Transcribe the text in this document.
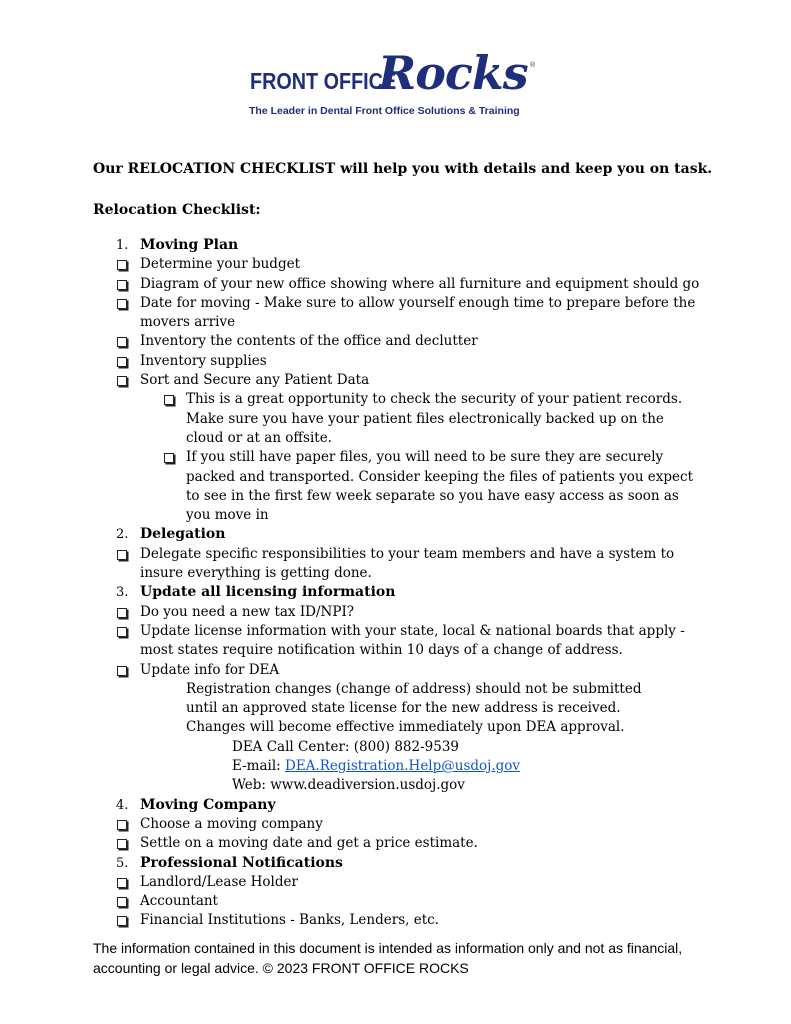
FRONT OFFICE
Rocks ®
The Leader in Dental Front Office Solutions & Training
Our RELOCATION CHECKLIST will help you with details and keep you on task.
Relocation Checklist:
1. Moving Plan
Determine your budget
Diagram of your new office showing where all furniture and equipment should go
Date for moving - Make sure to allow yourself enough time to prepare before the movers arrive
Inventory the contents of the office and declutter
Inventory supplies
Sort and Secure any Patient Data
This is a great opportunity to check the security of your patient records. Make sure you have your patient files electronically backed up on the cloud or at an offsite.
If you still have paper files, you will need to be sure they are securely packed and transported. Consider keeping the files of patients you expect to see in the first few week separate so you have easy access as soon as you move in
2. Delegation
Delegate specific responsibilities to your team members and have a system to insure everything is getting done.
3. Update all licensing information
Do you need a new tax ID/NPI?
Update license information with your state, local & national boards that apply - most states require notification within 10 days of a change of address.
Update info for DEA
Registration changes (change of address) should not be submitted until an approved state license for the new address is received. Changes will become effective immediately upon DEA approval.
DEA Call Center: (800) 882-9539
E-mail: DEA.Registration.Help@usdoj.gov
Web: www.deadiversion.usdoj.gov
4. Moving Company
Choose a moving company
Settle on a moving date and get a price estimate.
5. Professional Notifications
Landlord/Lease Holder
Accountant
Financial Institutions - Banks, Lenders, etc.
The information contained in this document is intended as information only and not as financial, accounting or legal advice. © 2023 FRONT OFFICE ROCKS
